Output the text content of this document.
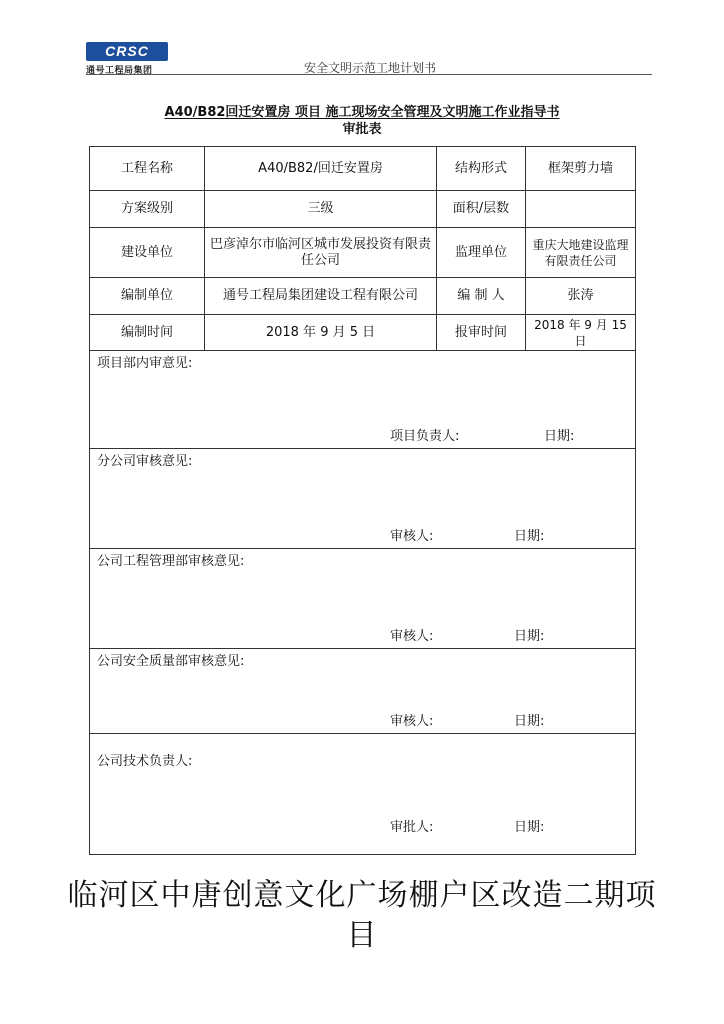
CRSC
通号工程局集团	安全文明示范工地计划书
A40/B82回迁安置房 项目 施工现场安全管理及文明施工作业指导书
审批表
工程名称	A40/B82/回迁安置房	结构形式	框架剪力墙
方案级别	三级	面积/层数	
建设单位	巴彦淖尔市临河区城市发展投资有限责任公司	监理单位	重庆大地建设监理有限责任公司
编制单位	通号工程局集团建设工程有限公司	编 制 人	张涛
编制时间	2018 年 9 月 5 日	报审时间	2018 年 9 月 15 日

项目部内审意见:
项目负责人: 日期:			

分公司审核意见:
审核人: 日期:			

公司工程管理部审核意见:
审核人: 日期:			

公司安全质量部审核意见:
审核人: 日期:			

公司技术负责人:
审批人: 日期:			
临河区中唐创意文化广场棚户区改造二期项目
